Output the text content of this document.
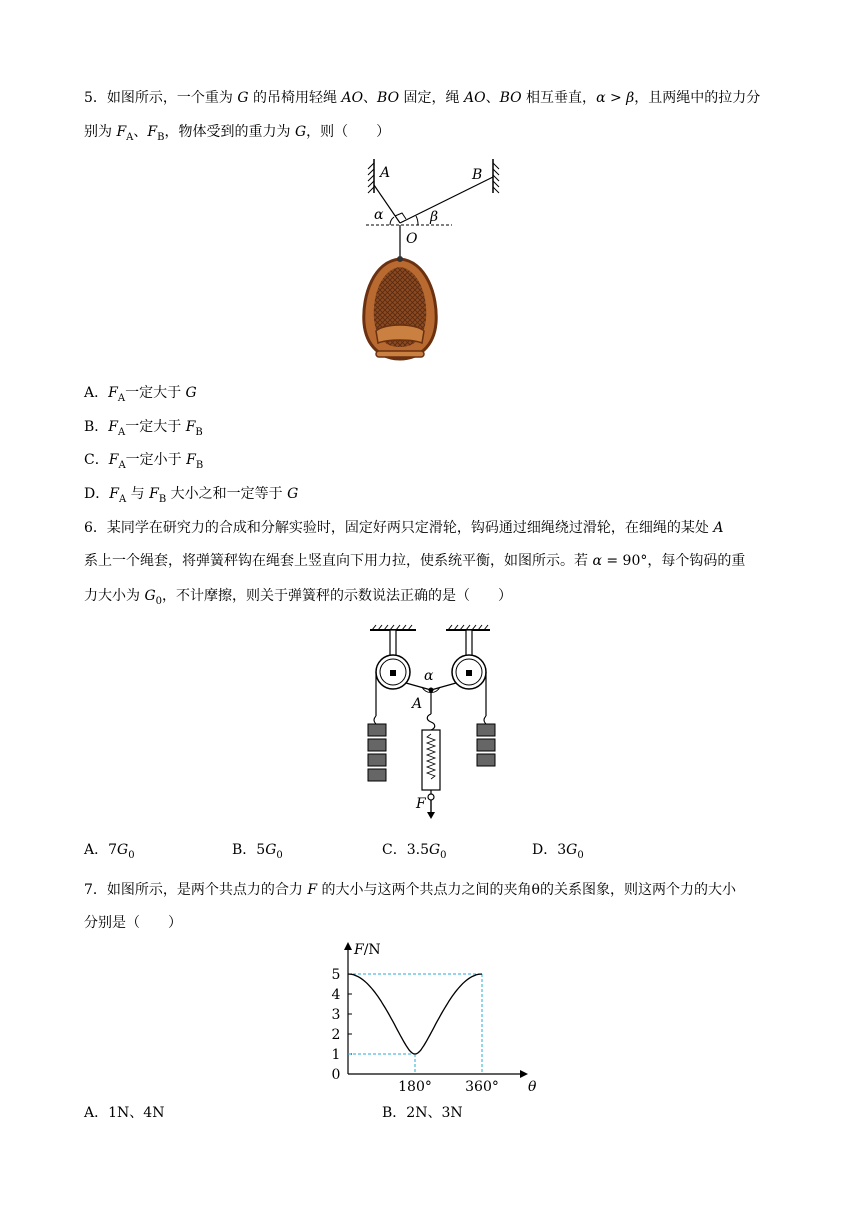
5．如图所示，一个重为 G 的吊椅用轻绳 AO、BO 固定，绳 AO、BO 相互垂直，α > β，且两绳中的拉力分
别为 $F_A$、$F_B$，物体受到的重力为 G，则（　　）
A	B
α	β
O
A．$F_A$一定大于 G
B．$F_A$一定大于 $F_B$
C．$F_A$一定小于 $F_B$
D．$F_A$ 与 $F_B$ 大小之和一定等于 G
6．某同学在研究力的合成和分解实验时，固定好两只定滑轮，钩码通过细绳绕过滑轮，在细绳的某处 A
系上一个绳套，将弹簧秤钩在绳套上竖直向下用力拉，使系统平衡，如图所示。若 α = 90°，每个钩码的重
力大小为 $G_0$，不计摩擦，则关于弹簧秤的示数说法正确的是（　　）
α
A
F
A．$7G_0$	B．$5G_0$	C．$3.5G_0$	D．$3G_0$
7．如图所示，是两个共点力的合力 F 的大小与这两个共点力之间的夹角θ的关系图象，则这两个力的大小
分别是（　　）
F/N
θ
0
1
2
3
4
5
180° 360°
A．1N、4N	B．2N、3N
